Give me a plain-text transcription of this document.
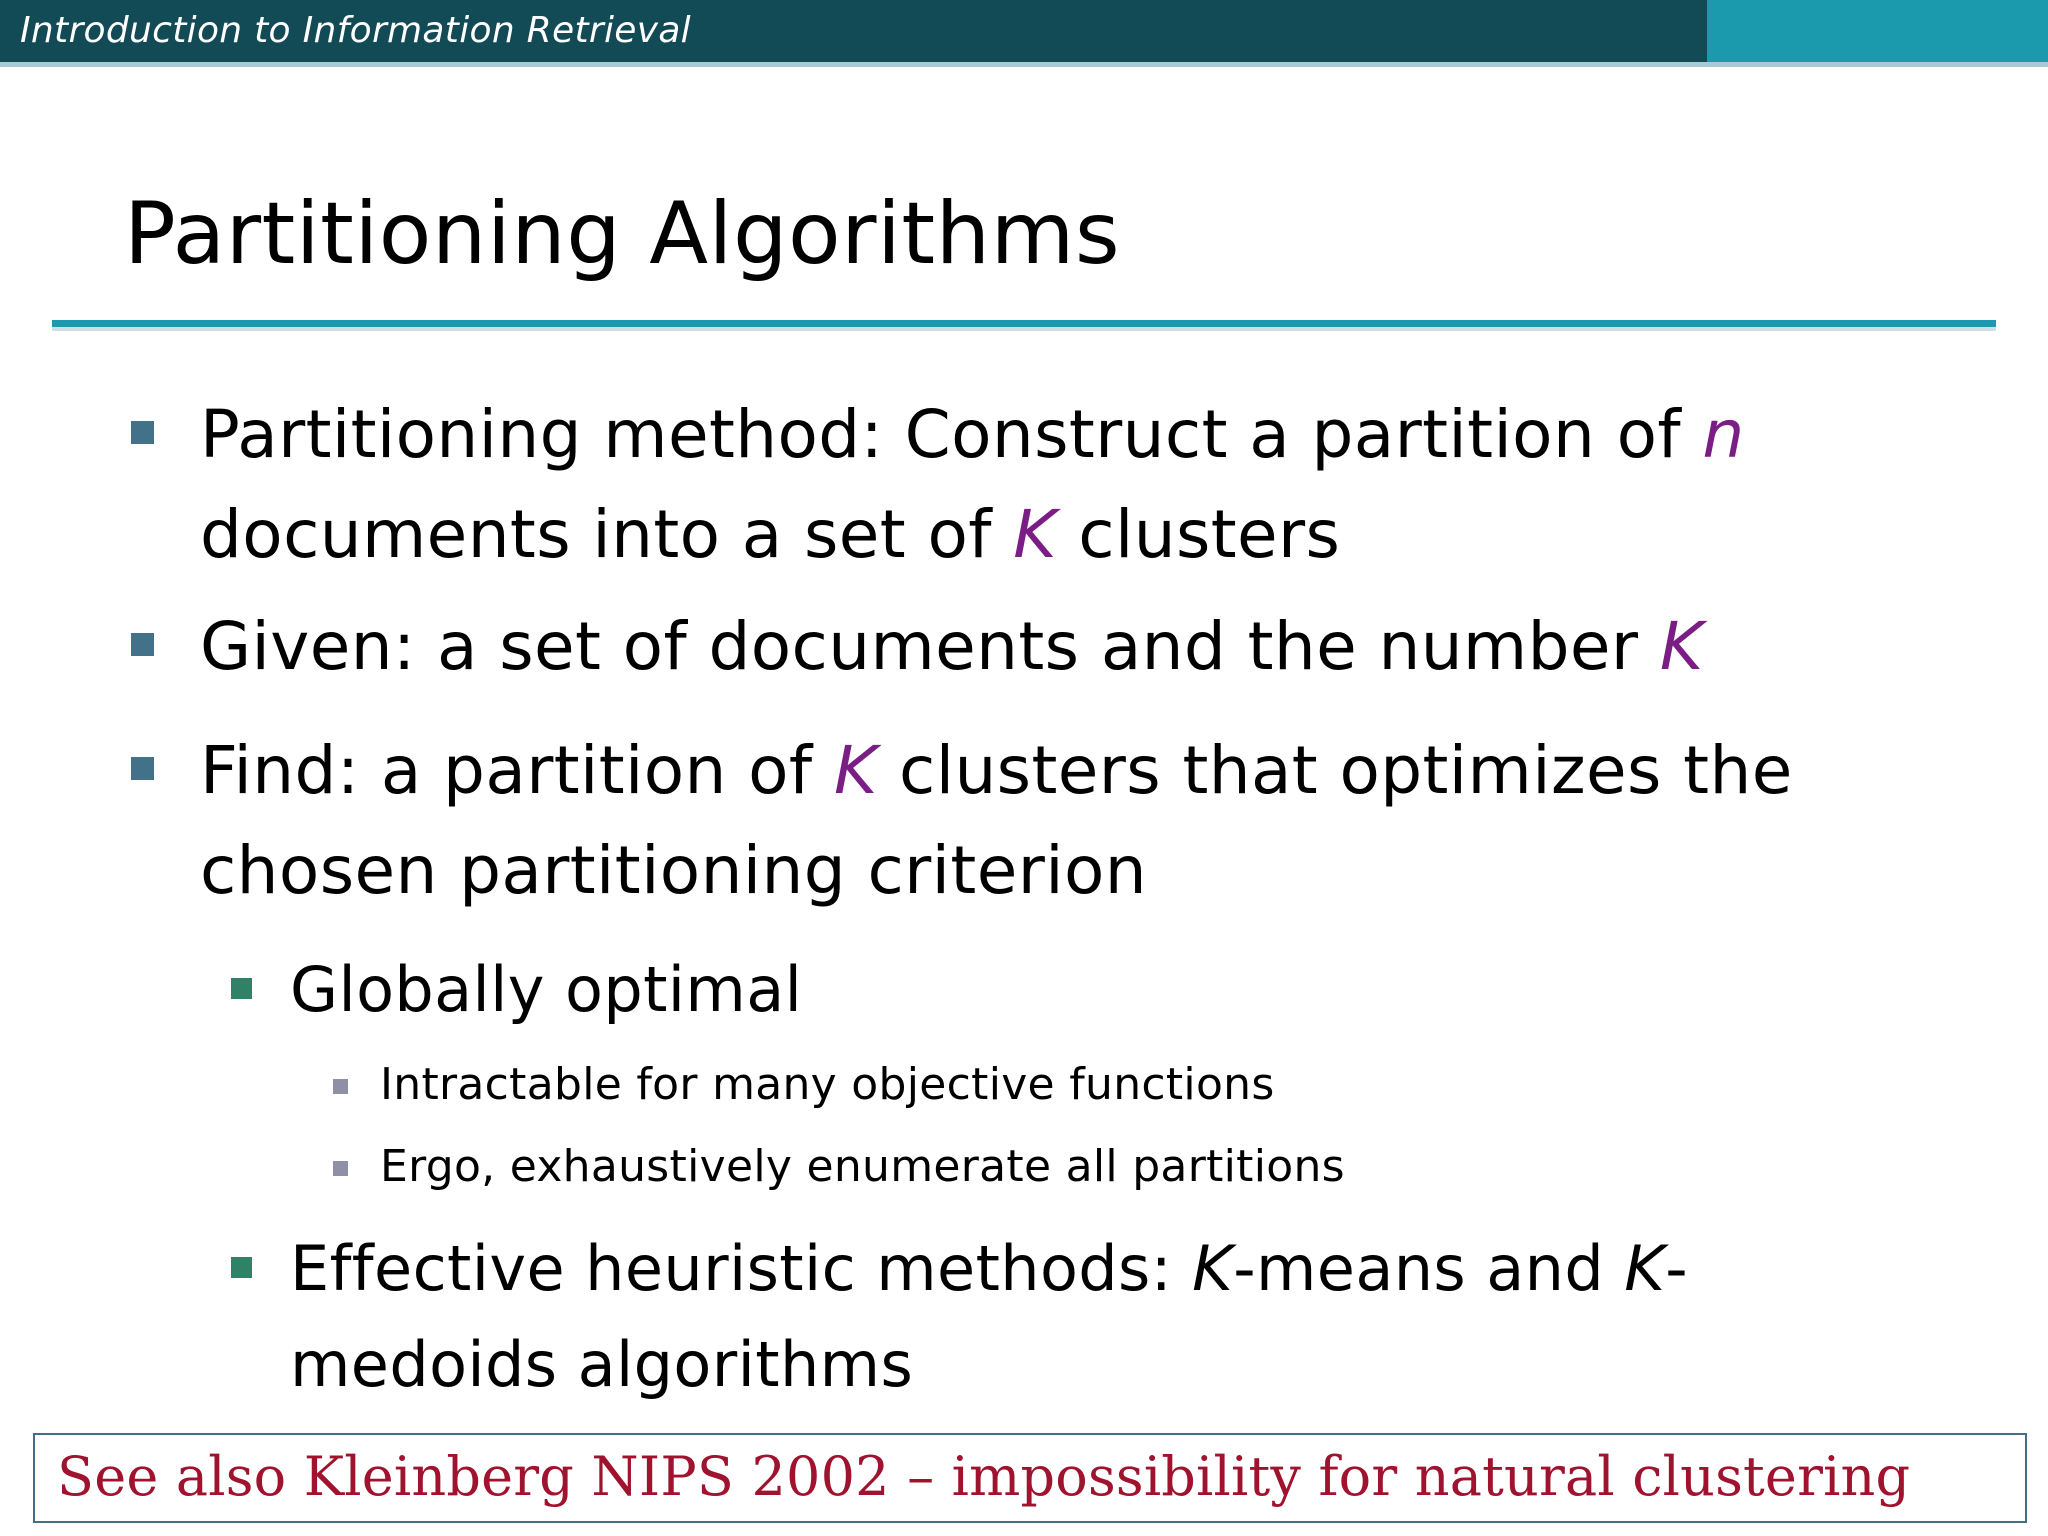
Introduction to Information Retrieval
Partitioning Algorithms
Partitioning method: Construct a partition of n
documents into a set of K clusters
Given: a set of documents and the number K
Find: a partition of K clusters that optimizes the chosen partitioning criterion
Globally optimal
Intractable for many objective functions
Ergo, exhaustively enumerate all partitions
Effective heuristic methods: K-means and K-medoids algorithms
See also Kleinberg NIPS 2002 – impossibility for natural clustering
